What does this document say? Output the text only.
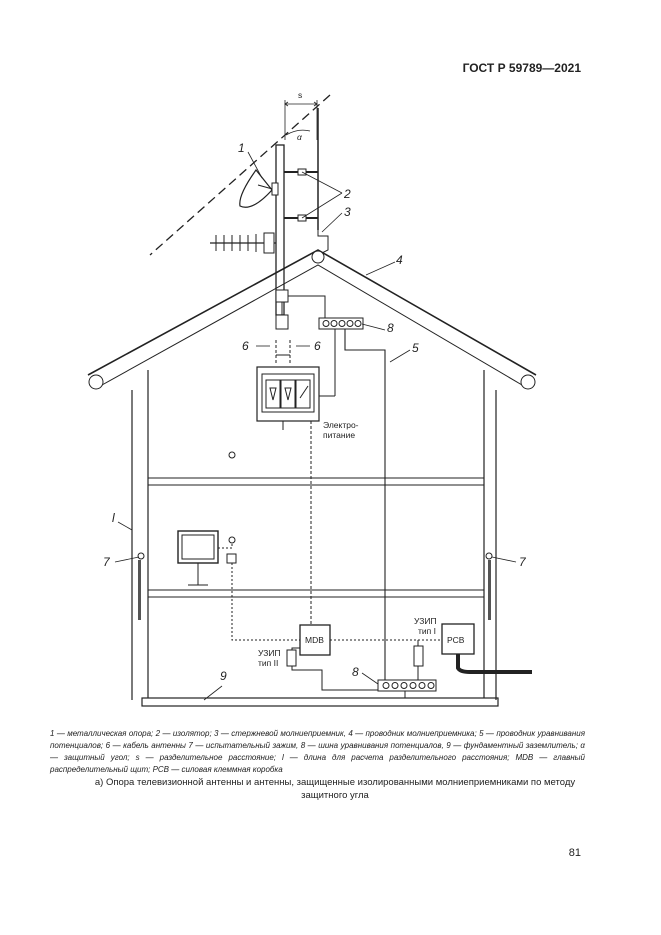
ГОСТ Р 59789—2021
1
2
3
4
5
6	6
7	7
8
8
9
s
α
l
Электро-
питание
MDB	PCB
УЗИП
тип I
УЗИП
тип II
1 — металлическая опора; 2 — изолятор; 3 — стержневой молниеприемник, 4 — проводник молниеприемника; 5 — проводник уравнивания потенциалов; 6 — кабель антенны 7 — испытательный зажим, 8 — шина уравнивания потенциалов, 9 — фундаментный заземлитель; α — защитный угол; s — разделительное расстояние; l — длина для расчета разделительного расстояния; MDB — главный распределительный щит; PCB — силовая клеммная коробка
а) Опора телевизионной антенны и антенны, защищенные изолированными молниеприемниками по методу защитного угла
81
